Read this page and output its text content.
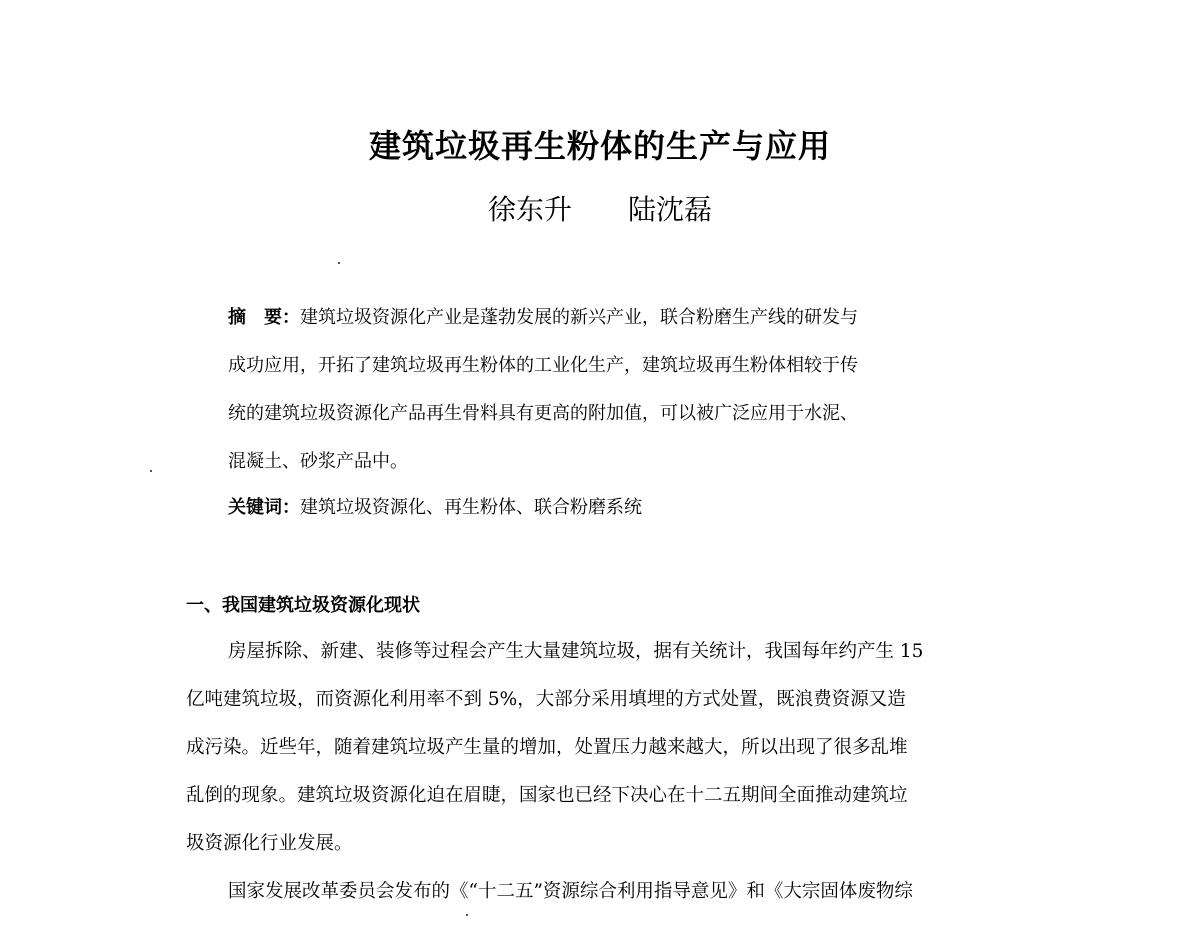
建筑垃圾再生粉体的生产与应用
徐东升 陆沈磊
摘　要：建筑垃圾资源化产业是蓬勃发展的新兴产业，联合粉磨生产线的研发与
成功应用，开拓了建筑垃圾再生粉体的工业化生产，建筑垃圾再生粉体相较于传
统的建筑垃圾资源化产品再生骨料具有更高的附加值，可以被广泛应用于水泥、
混凝土、砂浆产品中。
关键词：建筑垃圾资源化、再生粉体、联合粉磨系统
一、我国建筑垃圾资源化现状
房屋拆除、新建、装修等过程会产生大量建筑垃圾，据有关统计，我国每年约产生 15
亿吨建筑垃圾，而资源化利用率不到 5%，大部分采用填埋的方式处置，既浪费资源又造
成污染。近些年，随着建筑垃圾产生量的增加，处置压力越来越大，所以出现了很多乱堆
乱倒的现象。建筑垃圾资源化迫在眉睫，国家也已经下决心在十二五期间全面推动建筑垃
圾资源化行业发展。
国家发展改革委员会发布的《“十二五”资源综合利用指导意见》和《大宗固体废物综
